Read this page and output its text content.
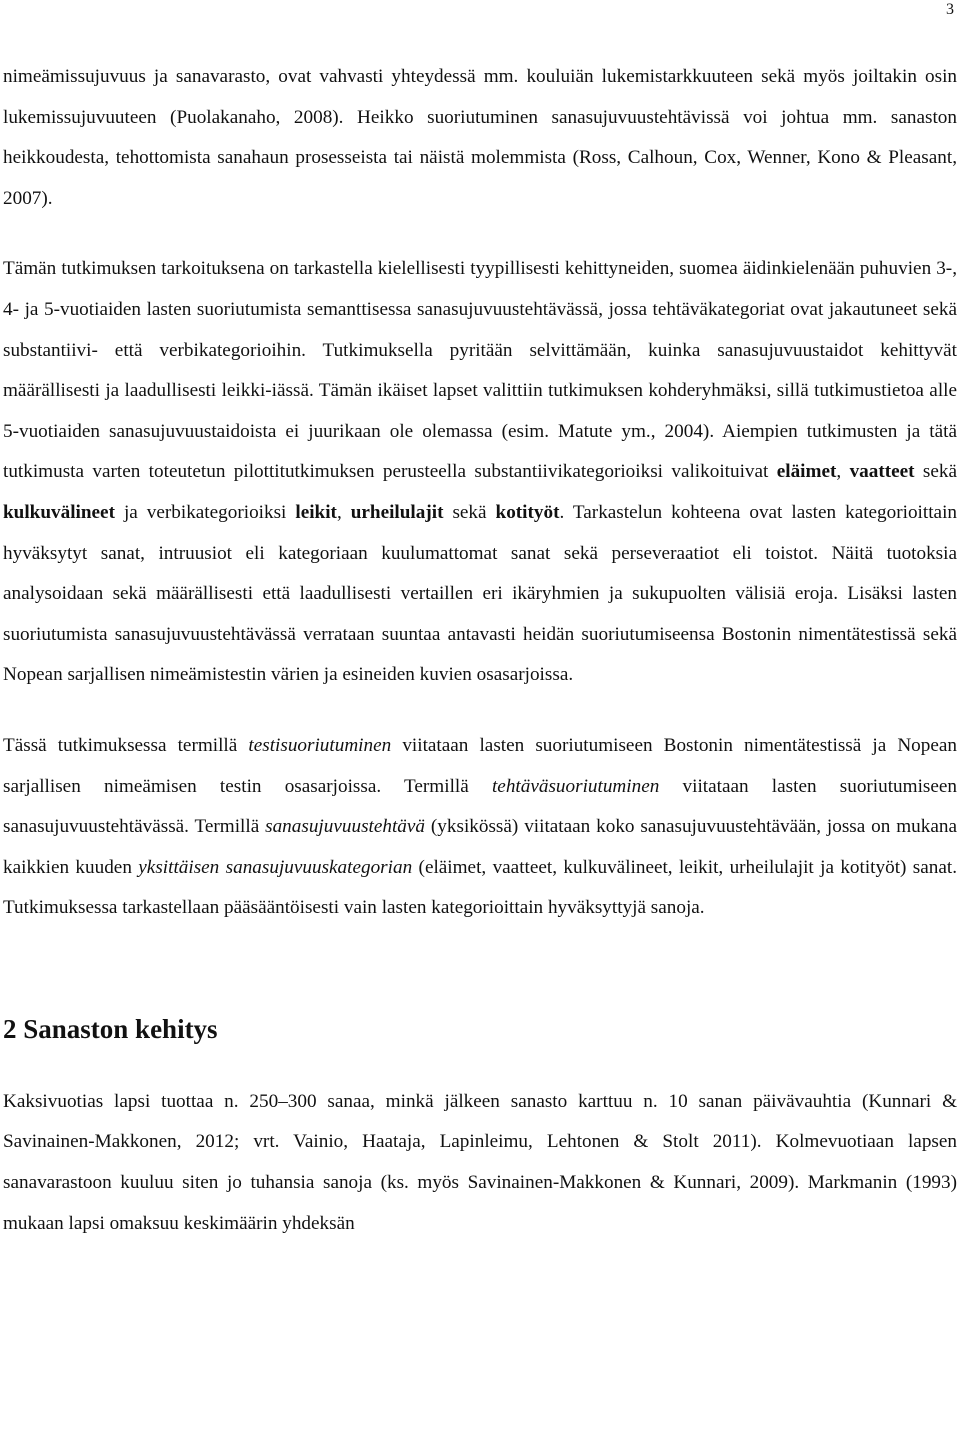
3

nimeämissujuvuus ja sanavarasto, ovat vahvasti yhteydessä mm. kouluiän lukemistarkkuuteen sekä myös joiltakin osin lukemissujuvuuteen (Puolakanaho, 2008). Heikko suoriutuminen sanasujuvuustehtävissä voi johtua mm. sanaston heikkoudesta, tehottomista sanahaun prosesseista tai näistä molemmista (Ross, Calhoun, Cox, Wenner, Kono & Pleasant, 2007).

Tämän tutkimuksen tarkoituksena on tarkastella kielellisesti tyypillisesti kehittyneiden, suomea äidinkielenään puhuvien 3-, 4- ja 5-vuotiaiden lasten suoriutumista semanttisessa sanasujuvuustehtävässä, jossa tehtäväkategoriat ovat jakautuneet sekä substantiivi- että verbikategorioihin. Tutkimuksella pyritään selvittämään, kuinka sanasujuvuustaidot kehittyvät määrällisesti ja laadullisesti leikki-iässä. Tämän ikäiset lapset valittiin tutkimuksen kohderyhmäksi, sillä tutkimustietoa alle 5-vuotiaiden sanasujuvuustaidoista ei juurikaan ole olemassa (esim. Matute ym., 2004). Aiempien tutkimusten ja tätä tutkimusta varten toteutetun pilottitutkimuksen perusteella substantiivikategorioiksi valikoituivat eläimet, vaatteet sekä kulkuvälineet ja verbikategorioiksi leikit, urheilulajit sekä kotityöt. Tarkastelun kohteena ovat lasten kategorioittain hyväksytyt sanat, intruusiot eli kategoriaan kuulumattomat sanat sekä perseveraatiot eli toistot. Näitä tuotoksia analysoidaan sekä määrällisesti että laadullisesti vertaillen eri ikäryhmien ja sukupuolten välisiä eroja. Lisäksi lasten suoriutumista sanasujuvuustehtävässä verrataan suuntaa antavasti heidän suoriutumiseensa Bostonin nimentätestissä sekä Nopean sarjallisen nimeämistestin värien ja esineiden kuvien osasarjoissa.

Tässä tutkimuksessa termillä testisuoriutuminen viitataan lasten suoriutumiseen Bostonin nimentätestissä ja Nopean sarjallisen nimeämisen testin osasarjoissa. Termillä tehtäväsuoriutuminen viitataan lasten suoriutumiseen sanasujuvuustehtävässä. Termillä sanasujuvuustehtävä (yksikössä) viitataan koko sanasujuvuustehtävään, jossa on mukana kaikkien kuuden yksittäisen sanasujuvuuskategorian (eläimet, vaatteet, kulkuvälineet, leikit, urheilulajit ja kotityöt) sanat. Tutkimuksessa tarkastellaan pääsääntöisesti vain lasten kategorioittain hyväksyttyjä sanoja.

2 Sanaston kehitys

Kaksivuotias lapsi tuottaa n. 250–300 sanaa, minkä jälkeen sanasto karttuu n. 10 sanan päivävauhtia (Kunnari & Savinainen-Makkonen, 2012; vrt. Vainio, Haataja, Lapinleimu, Lehtonen & Stolt 2011). Kolmevuotiaan lapsen sanavarastoon kuuluu siten jo tuhansia sanoja (ks. myös Savinainen-Makkonen & Kunnari, 2009). Markmanin (1993) mukaan lapsi omaksuu keskimäärin yhdeksän
